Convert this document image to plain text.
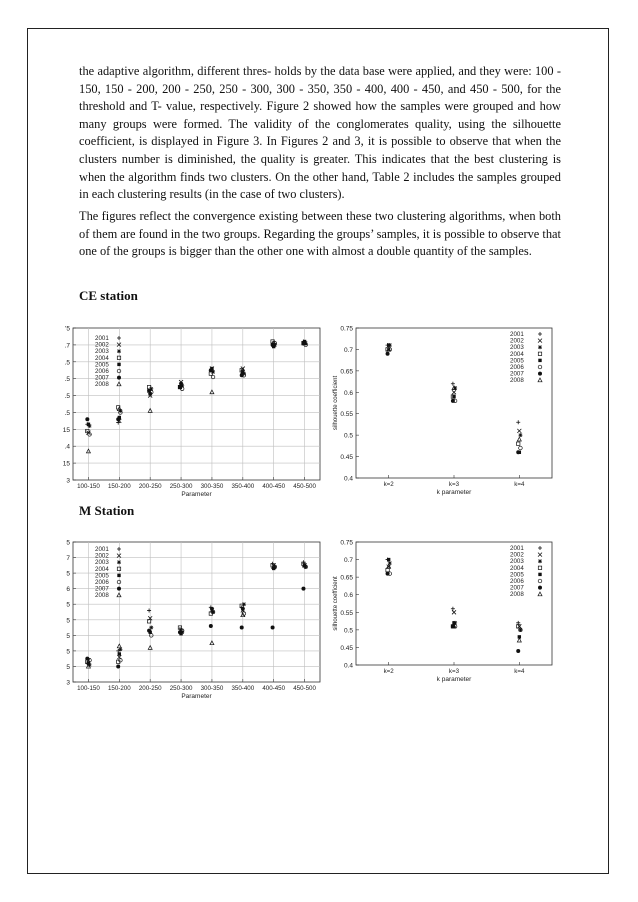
the adaptive algorithm, different thres- holds by the data base were applied, and they were: 100 - 150, 150 - 200, 200 - 250, 250 - 300, 300 - 350, 350 - 400, 400 - 450, and 450 - 500, for the threshold and T- value, respectively. Figure 2 showed how the samples were grouped and how many groups were formed. The validity of the conglomerates quality, using the silhouette coefficient, is displayed in Figure 3. In Figures 2 and 3, it is possible to observe that when the clusters number is diminished, the quality is greater. This indicates that the best clustering is when the algorithm finds two clusters. On the other hand, Table 2 includes the samples grouped in each clustering results (in the case of two clusters).

The figures reflect the convergence existing between these two clustering algorithms, when both of them are found in the two groups. Regarding the groups’ samples, it is possible to observe that one of the groups is bigger than the other one with almost a double quantity of the samples.

CE station
3
15
.4
15
.5
.5
.5
.5
.7
'5
100-150 150-200 200-250 250-300 300-350 350-400 400-450 450-500
Parameter
2001
2002
2003
2004
2005
2006
2007
2008
0.4
0.45
0.5
0.55
0.6
0.65
0.7
0.75
k=2	k=3	k=4
k parameter
silhouette coefficient
2001
2002
2003
2004
2005
2006
2007
2008
M Station
3
5
5
5
5
5
6
5
7
5
100-150 150-200 200-250 250-300 300-350 350-400 400-450 450-500
Parameter
2001
2002
2003
2004
2005
2006
2007
2008
0.4
0.45
0.5
0.55
0.6
0.65
0.7
0.75
k=2	k=3	k=4
k parameter
silhouette coefficient
2001
2002
2003
2004
2005
2006
2007
2008
